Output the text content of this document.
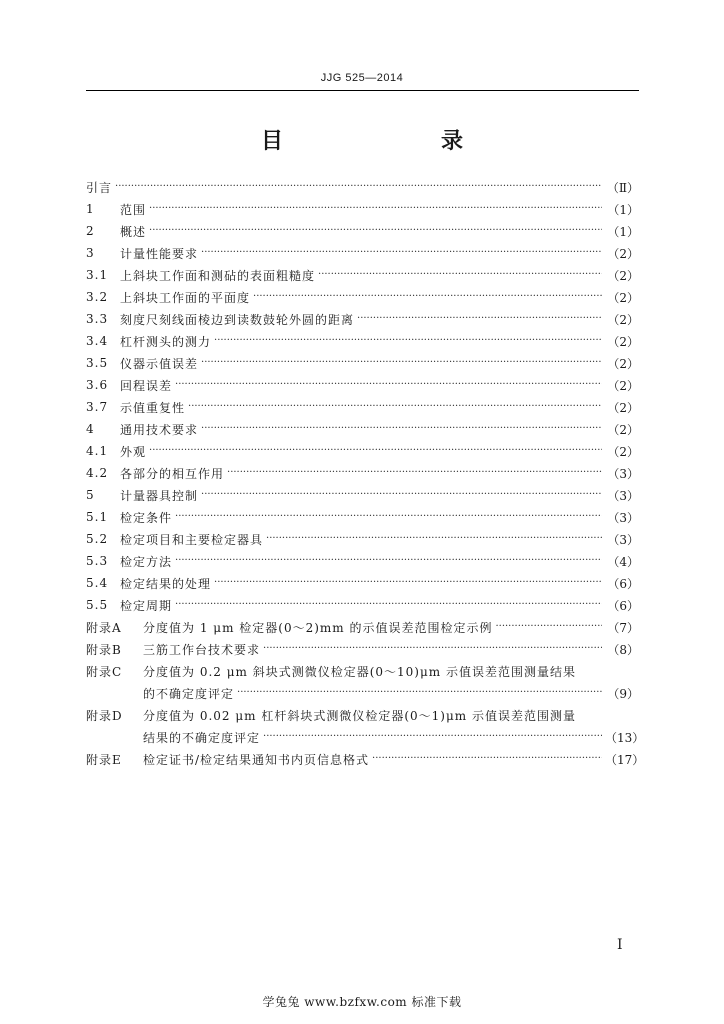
JJG 525—2014
目　　录
引言 ·····	（Ⅱ）
1	范围 ·····	（1）
2	概述 ·····	（1）
3	计量性能要求 ·····	（2）
3.1 上斜块工作面和测砧的表面粗糙度 ·····	（2）
3.2 上斜块工作面的平面度 ·····	（2）
3.3 刻度尺刻线面棱边到读数鼓轮外圆的距离 ·····	（2）
3.4 杠杆测头的测力 ·····	（2）
3.5 仪器示值误差 ·····	（2）
3.6 回程误差 ·····	（2）
3.7 示值重复性 ·····	（2）
4	通用技术要求 ·····	（2）
4.1 外观 ·····	（2）
4.2 各部分的相互作用 ·····	（3）
5	计量器具控制 ·····	（3）
5.1 检定条件 ·····	（3）
5.2 检定项目和主要检定器具 ·····	（3）
5.3 检定方法 ·····	（4）
5.4 检定结果的处理 ·····	（6）
5.5 检定周期 ·····	（6）
附录A	分度值为 1 μm 检定器(0～2)mm 的示值误差范围检定示例 ·····	（7）
附录B	三筋工作台技术要求 ·····	（8）
附录C	分度值为 0.2 μm 斜块式测微仪检定器(0～10)μm 示值误差范围测量结果
的不确定度评定 ·····	（9）
附录D	分度值为 0.02 μm 杠杆斜块式测微仪检定器(0～1)μm 示值误差范围测量
结果的不确定度评定 ·····	（13）
附录E	检定证书/检定结果通知书内页信息格式 ·····	（17）
I
学兔兔 www.bzfxw.com 标准下载
